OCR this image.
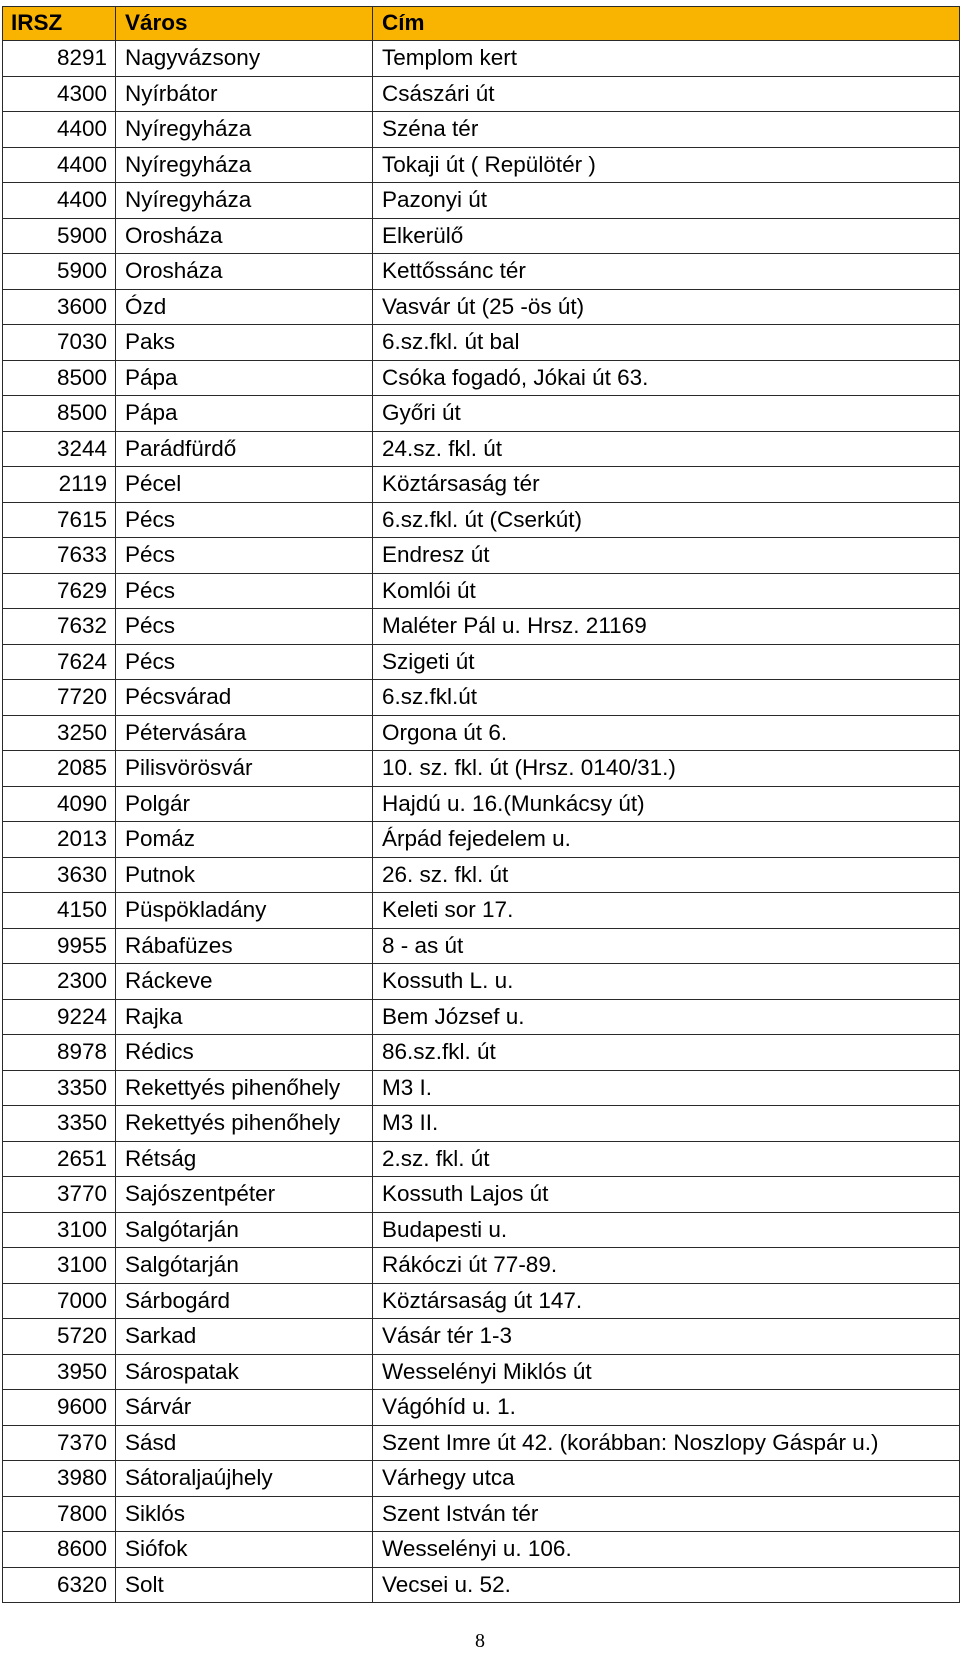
IRSZ	Város	Cím
8291	Nagyvázsony	Templom kert
4300	Nyírbátor	Császári út
4400	Nyíregyháza	Széna tér
4400	Nyíregyháza	Tokaji út ( Repülötér )
4400	Nyíregyháza	Pazonyi út
5900	Orosháza	Elkerülő
5900	Orosháza	Kettőssánc tér
3600	Ózd	Vasvár út (25 -ös út)
7030	Paks	6.sz.fkl. út bal
8500	Pápa	Csóka fogadó, Jókai út 63.
8500	Pápa	Győri út
3244	Parádfürdő	24.sz. fkl. út
2119	Pécel	Köztársaság tér
7615	Pécs	6.sz.fkl. út (Cserkút)
7633	Pécs	Endresz út
7629	Pécs	Komlói út
7632	Pécs	Maléter Pál u. Hrsz. 21169
7624	Pécs	Szigeti út
7720	Pécsvárad	6.sz.fkl.út
3250	Pétervására	Orgona út 6.
2085	Pilisvörösvár	10. sz. fkl. út (Hrsz. 0140/31.)
4090	Polgár	Hajdú u. 16.(Munkácsy út)
2013	Pomáz	Árpád fejedelem u.
3630	Putnok	26. sz. fkl. út
4150	Püspökladány	Keleti sor 17.
9955	Rábafüzes	8 - as út
2300	Ráckeve	Kossuth L. u.
9224	Rajka	Bem József u.
8978	Rédics	86.sz.fkl. út
3350	Rekettyés pihenőhely	M3 I.
3350	Rekettyés pihenőhely	M3 II.
2651	Rétság	2.sz. fkl. út
3770	Sajószentpéter	Kossuth Lajos út
3100	Salgótarján	Budapesti u.
3100	Salgótarján	Rákóczi út 77-89.
7000	Sárbogárd	Köztársaság út 147.
5720	Sarkad	Vásár tér 1-3
3950	Sárospatak	Wesselényi Miklós út
9600	Sárvár	Vágóhíd u. 1.
7370	Sásd	Szent Imre út 42. (korábban: Noszlopy Gáspár u.)
3980	Sátoraljaújhely	Várhegy utca
7800	Siklós	Szent István tér
8600	Siófok	Wesselényi u. 106.
6320	Solt	Vecsei u. 52.
8
